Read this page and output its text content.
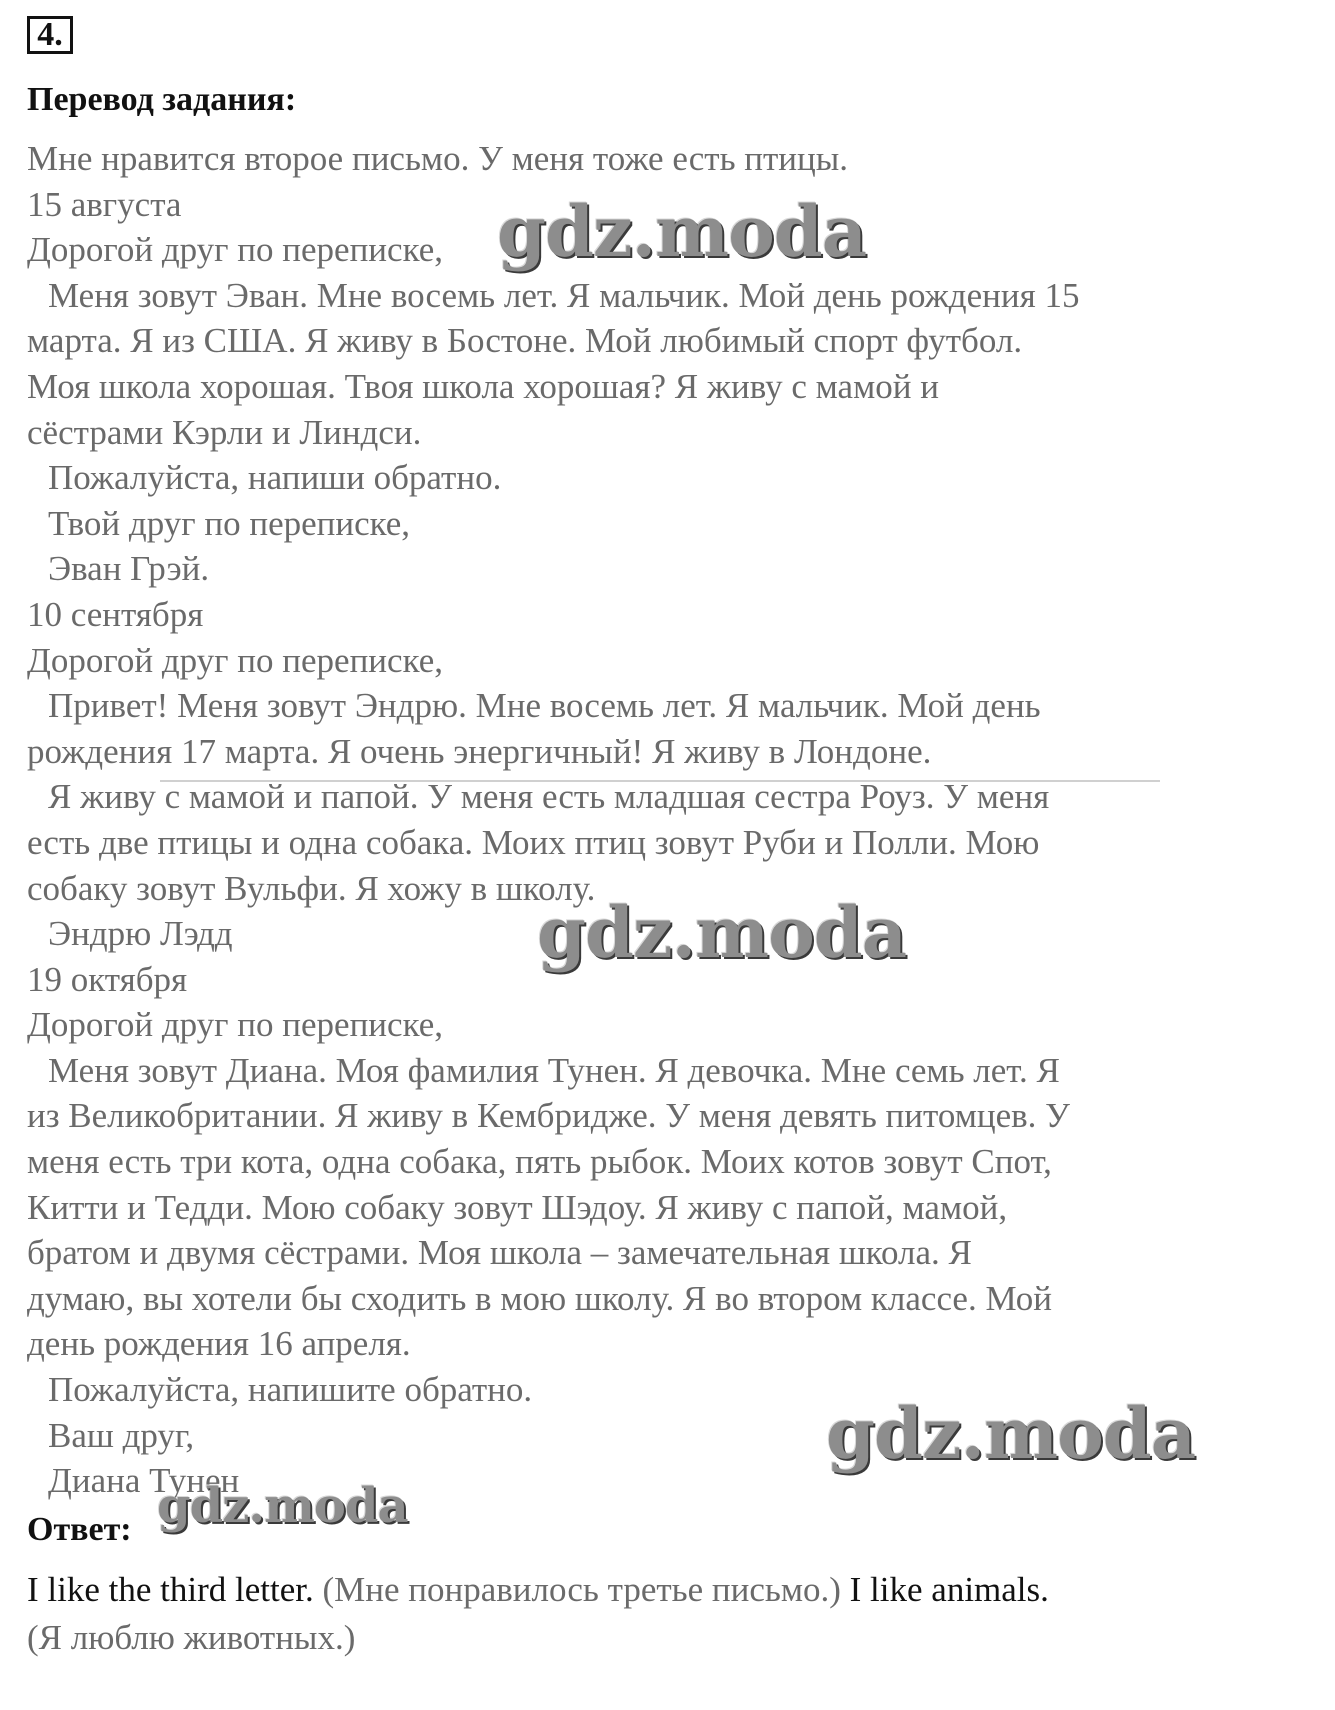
4.
Перевод задания:
Мне нравится второе письмо. У меня тоже есть птицы.
15 августа
Дорогой друг по переписке,
Меня зовут Эван. Мне восемь лет. Я мальчик. Мой день рождения 15
марта. Я из США. Я живу в Бостоне. Мой любимый спорт футбол.
Моя школа хорошая. Твоя школа хорошая? Я живу с мамой и
сёстрами Кэрли и Линдси.
Пожалуйста, напиши обратно.
Твой друг по переписке,
Эван Грэй.
10 сентября
Дорогой друг по переписке,
Привет! Меня зовут Эндрю. Мне восемь лет. Я мальчик. Мой день
рождения 17 марта. Я очень энергичный! Я живу в Лондоне.
Я живу с мамой и папой. У меня есть младшая сестра Роуз. У меня
есть две птицы и одна собака. Моих птиц зовут Руби и Полли. Мою
собаку зовут Вульфи. Я хожу в школу.
Эндрю Лэдд
19 октября
Дорогой друг по переписке,
Меня зовут Диана. Моя фамилия Тунен. Я девочка. Мне семь лет. Я
из Великобритании. Я живу в Кембридже. У меня девять питомцев. У
меня есть три кота, одна собака, пять рыбок. Моих котов зовут Спот,
Китти и Тедди. Мою собаку зовут Шэдоу. Я живу с папой, мамой,
братом и двумя сёстрами. Моя школа – замечательная школа. Я
думаю, вы хотели бы сходить в мою школу. Я во втором классе. Мой
день рождения 16 апреля.
Пожалуйста, напишите обратно.
Ваш друг,
Диана Тунен
Ответ:
I like the third letter. (Мне понравилось третье письмо.) I like animals.
(Я люблю животных.)
gdz.moda
gdz.moda
gdz.moda
gdz.moda
